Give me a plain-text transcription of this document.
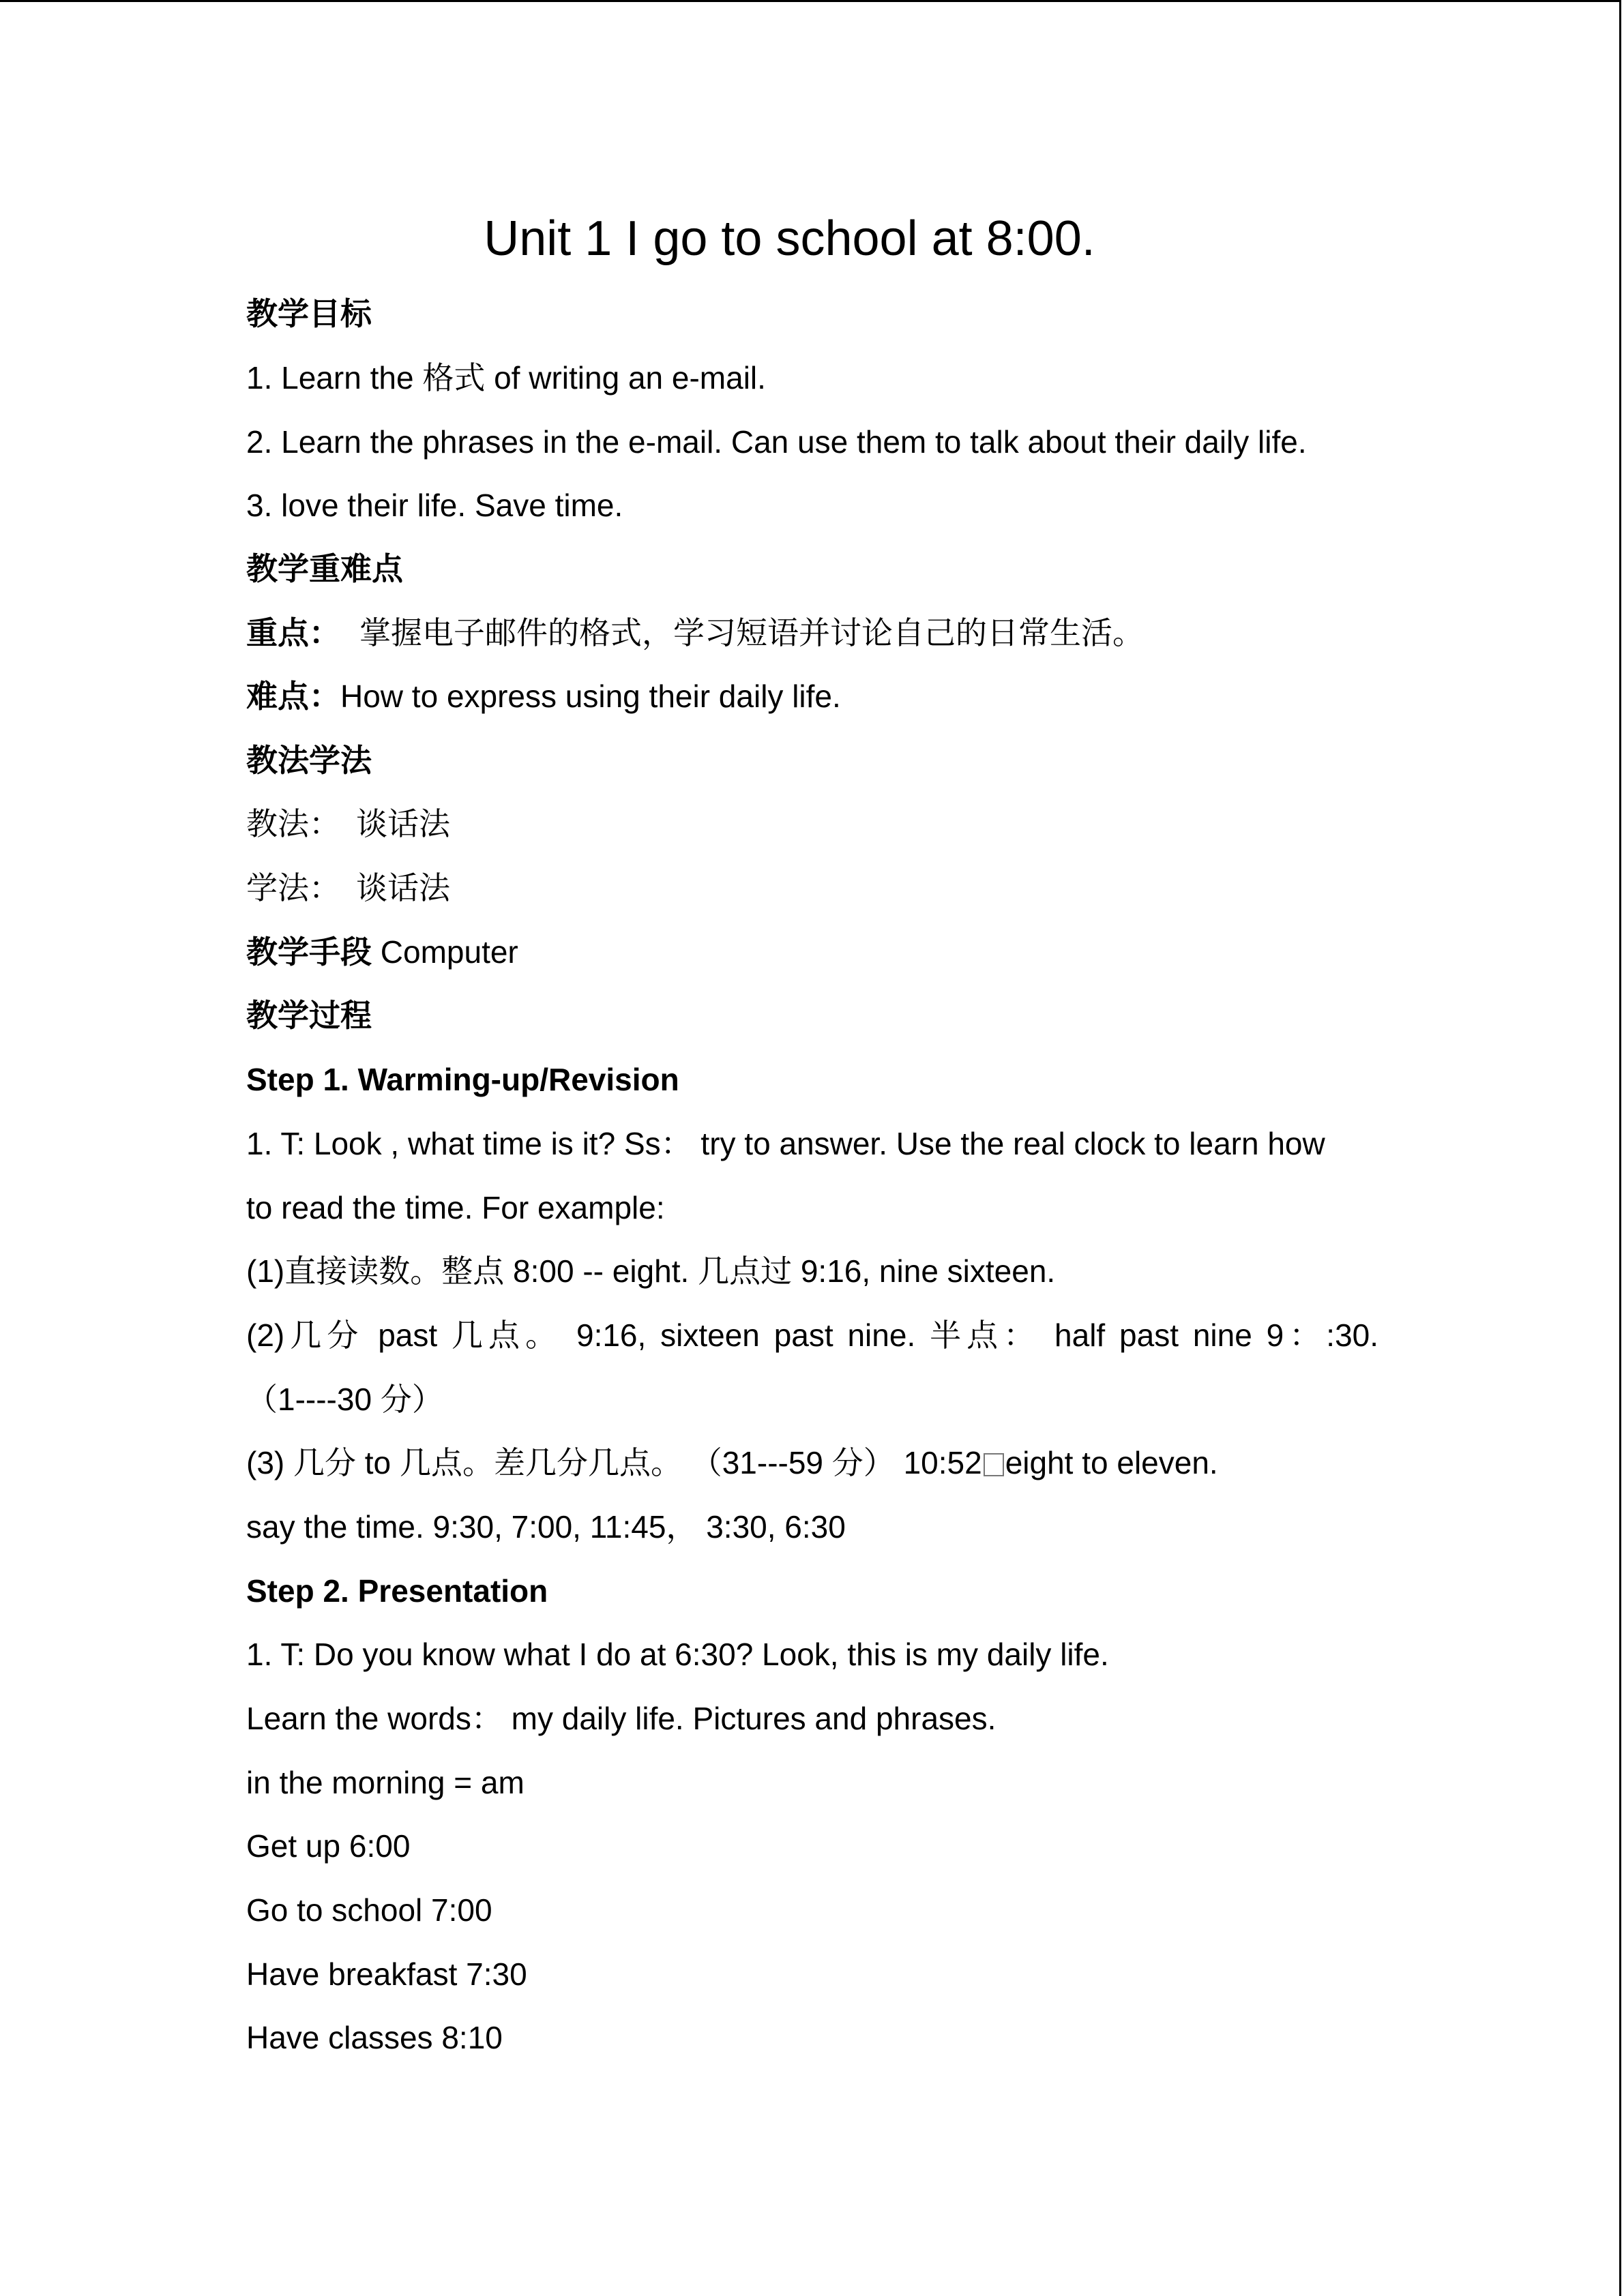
Unit 1 I go to school at 8:00.
教学目标
1. Learn the 格式 of writing an e-mail.
2. Learn the phrases in the e-mail. Can use them to talk about their daily life.
3. love their life. Save time.
教学重难点
重点： 掌握电子邮件的格式，学习短语并讨论自己的日常生活。
难点：How to express using their daily life.
教法学法
教法：　谈话法
学法：　谈话法
教学手段 Computer
教学过程
Step 1. Warming-up/Revision
1. T: Look , what time is it? Ss： try to answer. Use the real clock to learn how
to read the time. For example:
(1)直接读数。整点 8:00 -- eight. 几点过 9:16, nine sixteen.
(2)几分 past 几点。 9:16, sixteen past nine. 半点： half past nine 9：:30.
（1----30 分）
(3) 几分 to 几点。差几分几点。 （31---59 分） 10:52 eight to eleven.
say the time. 9:30, 7:00, 11:45， 3:30, 6:30
Step 2. Presentation
1. T: Do you know what I do at 6:30? Look, this is my daily life.
Learn the words： my daily life. Pictures and phrases.
in the morning = am
Get up 6:00
Go to school 7:00
Have breakfast 7:30
Have classes 8:10
